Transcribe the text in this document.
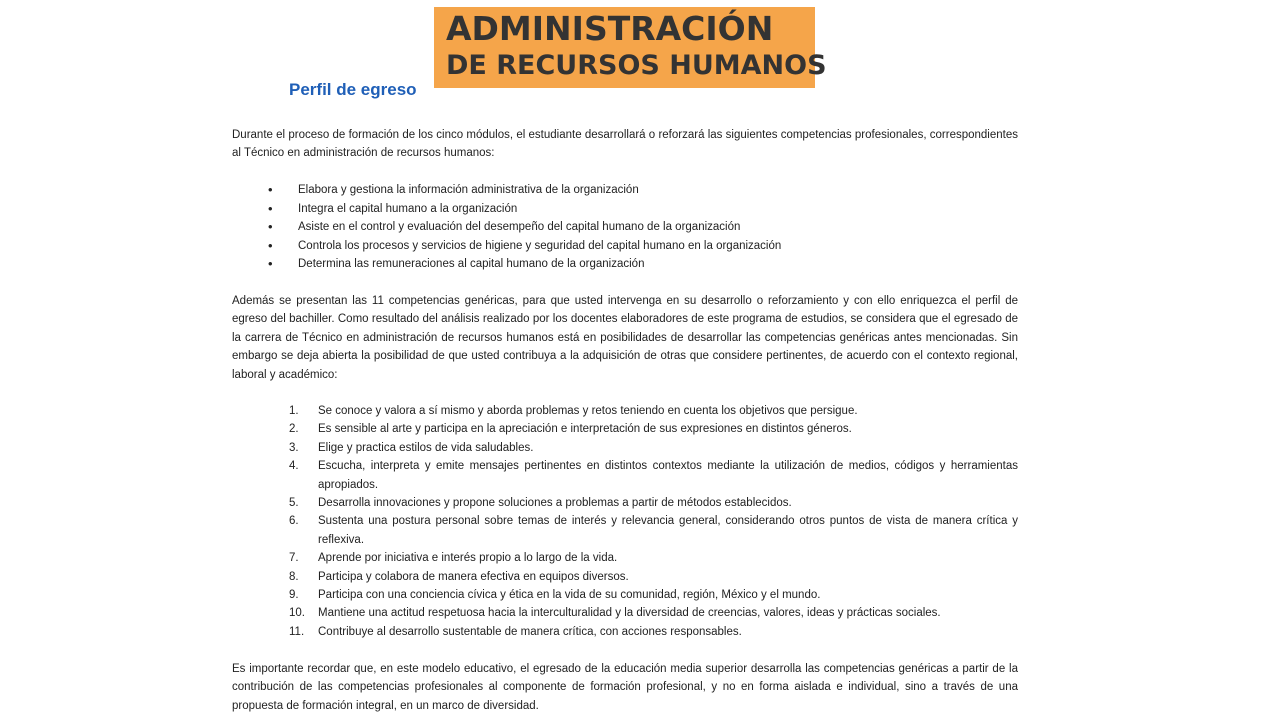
ADMINISTRACIÓN
DE RECURSOS HUMANOS
Perfil de egreso

Durante el proceso de formación de los cinco módulos, el estudiante desarrollará o reforzará las siguientes competencias profesionales, correspondientes al Técnico en administración de recursos humanos:

• Elabora y gestiona la información administrativa de la organización
• Integra el capital humano a la organización
• Asiste en el control y evaluación del desempeño del capital humano de la organización
• Controla los procesos y servicios de higiene y seguridad del capital humano en la organización
• Determina las remuneraciones al capital humano de la organización

Además se presentan las 11 competencias genéricas, para que usted intervenga en su desarrollo o reforzamiento y con ello enriquezca el perfil de egreso del bachiller. Como resultado del análisis realizado por los docentes elaboradores de este programa de estudios, se considera que el egresado de la carrera de Técnico en administración de recursos humanos está en posibilidades de desarrollar las competencias genéricas antes mencionadas. Sin embargo se deja abierta la posibilidad de que usted contribuya a la adquisición de otras que considere pertinentes, de acuerdo con el contexto regional, laboral y académico:

1. Se conoce y valora a sí mismo y aborda problemas y retos teniendo en cuenta los objetivos que persigue.
2. Es sensible al arte y participa en la apreciación e interpretación de sus expresiones en distintos géneros.
3. Elige y practica estilos de vida saludables.
4. Escucha, interpreta y emite mensajes pertinentes en distintos contextos mediante la utilización de medios, códigos y herramientas apropiados.
5. Desarrolla innovaciones y propone soluciones a problemas a partir de métodos establecidos.
6. Sustenta una postura personal sobre temas de interés y relevancia general, considerando otros puntos de vista de manera crítica y reflexiva.
7. Aprende por iniciativa e interés propio a lo largo de la vida.
8. Participa y colabora de manera efectiva en equipos diversos.
9. Participa con una conciencia cívica y ética en la vida de su comunidad, región, México y el mundo.
10. Mantiene una actitud respetuosa hacia la interculturalidad y la diversidad de creencias, valores, ideas y prácticas sociales.
11. Contribuye al desarrollo sustentable de manera crítica, con acciones responsables.

Es importante recordar que, en este modelo educativo, el egresado de la educación media superior desarrolla las competencias genéricas a partir de la contribución de las competencias profesionales al componente de formación profesional, y no en forma aislada e individual, sino a través de una propuesta de formación integral, en un marco de diversidad.
